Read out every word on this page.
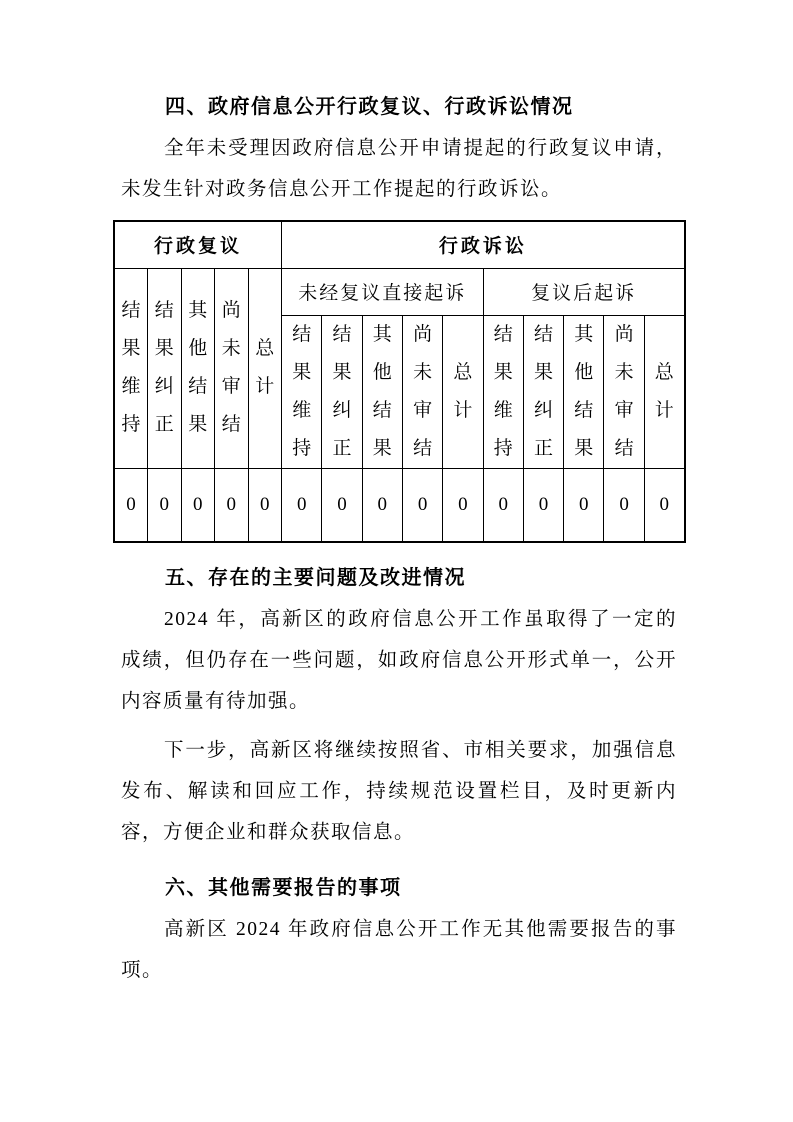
四、政府信息公开行政复议、行政诉讼情况

全年未受理因政府信息公开申请提起的行政复议申请，未发生针对政务信息公开工作提起的行政诉讼。

行政复议					行政诉讼									

结果维持	结果纠正	其他结果	尚未审结	总计	未经复议直接起诉					复议后起诉				

					结果维持	结果纠正	其他结果	尚未审结	总计	结果维持	结果纠正	其他结果	尚未审结	总计

0	0	0	0	0	0	0	0	0	0	0	0	0	0	0
五、存在的主要问题及改进情况

2024 年，高新区的政府信息公开工作虽取得了一定的成绩，但仍存在一些问题，如政府信息公开形式单一，公开内容质量有待加强。

下一步，高新区将继续按照省、市相关要求，加强信息发布、解读和回应工作，持续规范设置栏目，及时更新内容，方便企业和群众获取信息。

六、其他需要报告的事项

高新区 2024 年政府信息公开工作无其他需要报告的事项。
